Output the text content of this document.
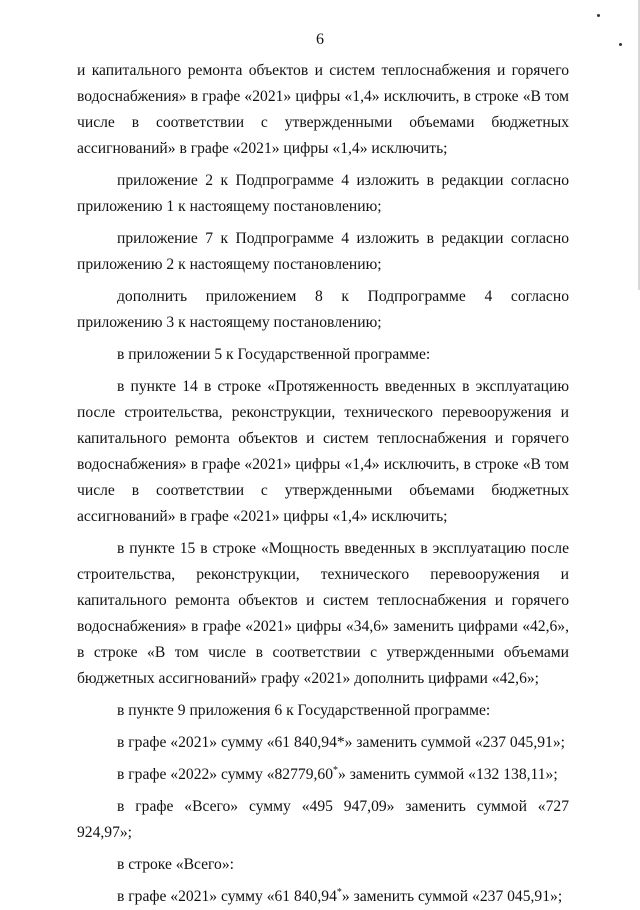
6

и капитального ремонта объектов и систем теплоснабжения и горячего водоснабжения» в графе «2021» цифры «1,4» исключить, в строке «В том числе в соответствии с утвержденными объемами бюджетных ассигнований» в графе «2021» цифры «1,4» исключить;

приложение 2 к Подпрограмме 4 изложить в редакции согласно приложению 1 к настоящему постановлению;

приложение 7 к Подпрограмме 4 изложить в редакции согласно приложению 2 к настоящему постановлению;

дополнить приложением 8 к Подпрограмме 4 согласно приложению 3 к настоящему постановлению;

в приложении 5 к Государственной программе:

в пункте 14 в строке «Протяженность введенных в эксплуатацию после строительства, реконструкции, технического перевооружения и капитального ремонта объектов и систем теплоснабжения и горячего водоснабжения» в графе «2021» цифры «1,4» исключить, в строке «В том числе в соответствии с утвержденными объемами бюджетных ассигнований» в графе «2021» цифры «1,4» исключить;

в пункте 15 в строке «Мощность введенных в эксплуатацию после строительства, реконструкции, технического перевооружения и капитального ремонта объектов и систем теплоснабжения и горячего водоснабжения» в графе «2021» цифры «34,6» заменить цифрами «42,6», в строке «В том числе в соответствии с утвержденными объемами бюджетных ассигнований» графу «2021» дополнить цифрами «42,6»;

в пункте 9 приложения 6 к Государственной программе:

в графе «2021» сумму «61 840,94*» заменить суммой «237 045,91»;

в графе «2022» сумму «82779,60*» заменить суммой «132 138,11»;

в графе «Всего» сумму «495 947,09» заменить суммой «727 924,97»;

в строке «Всего»:

в графе «2021» сумму «61 840,94*» заменить суммой «237 045,91»;
